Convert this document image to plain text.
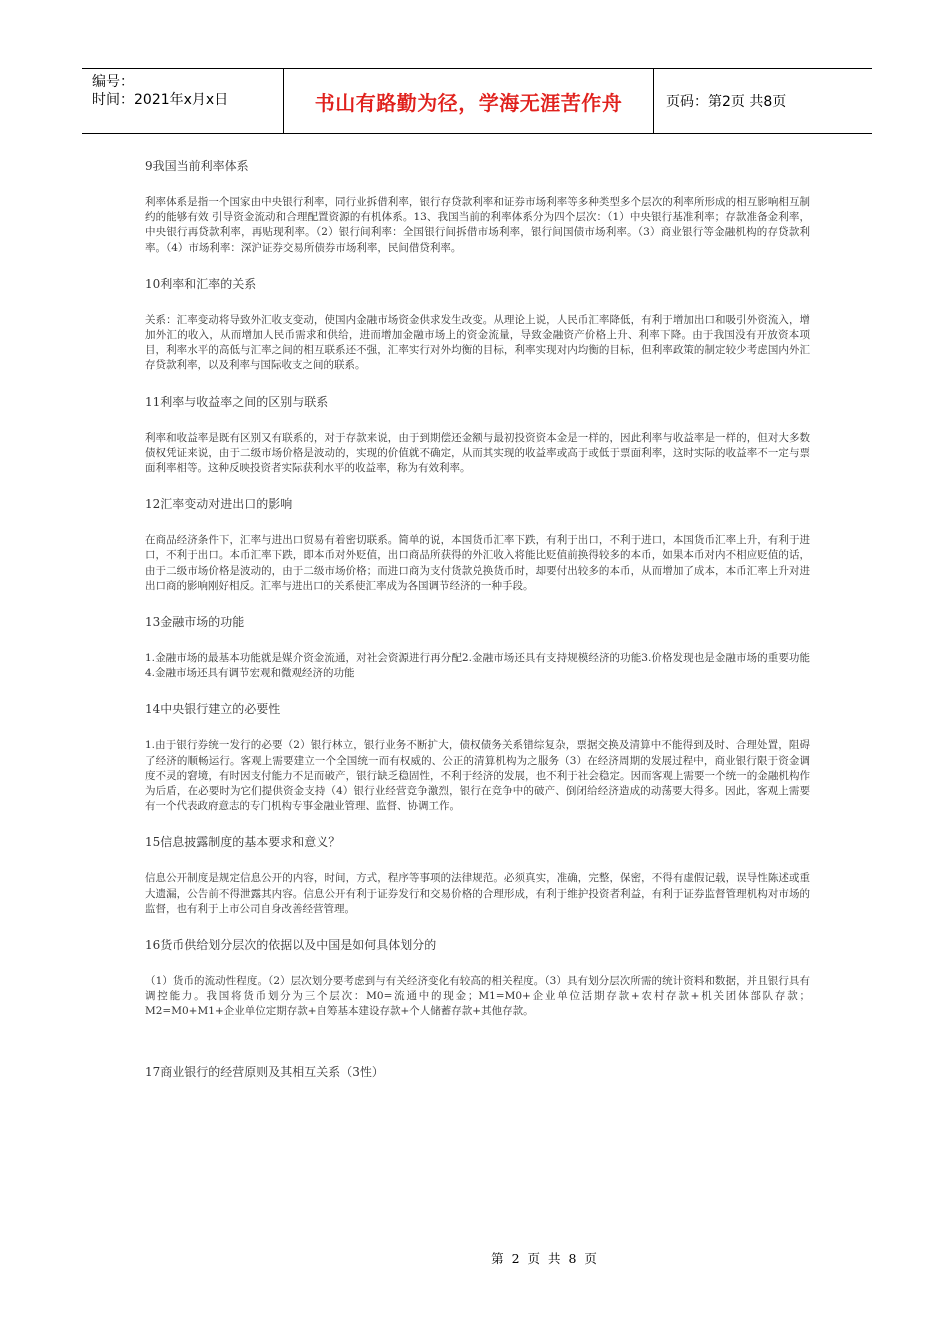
编号：
时间：2021年x月x日	书山有路勤为径，学海无涯苦作舟	页码：第2页 共8页

9我国当前利率体系

利率体系是指一个国家由中央银行利率，同行业拆借利率，银行存贷款利率和证券市场利率等多种类型多个层次的利率所形成的相互影响相互制约的能够有效 引导资金流动和合理配置资源的有机体系。13、我国当前的利率体系分为四个层次：（1）中央银行基准利率；存款准备金利率，中央银行再贷款利率，再贴现利率。（2）银行间利率：全国银行间拆借市场利率，银行间国债市场利率。（3）商业银行等金融机构的存贷款利率。（4）市场利率：深沪证券交易所债券市场利率，民间借贷利率。

10利率和汇率的关系

关系：汇率变动将导致外汇收支变动，使国内金融市场资金供求发生改变。从理论上说，人民币汇率降低，有利于增加出口和吸引外资流入，增加外汇的收入，从而增加人民币需求和供给，进而增加金融市场上的资金流量，导致金融资产价格上升、利率下降。由于我国没有开放资本项目，利率水平的高低与汇率之间的相互联系还不强，汇率实行对外均衡的目标，利率实现对内均衡的目标，但利率政策的制定较少考虑国内外汇存贷款利率，以及利率与国际收支之间的联系。

11利率与收益率之间的区别与联系

利率和收益率是既有区别又有联系的，对于存款来说，由于到期偿还金额与最初投资资本金是一样的，因此利率与收益率是一样的，但对大多数债权凭证来说，由于二级市场价格是波动的，实现的价值就不确定，从而其实现的收益率或高于或低于票面利率，这时实际的收益率不一定与票面利率相等。这种反映投资者实际获利水平的收益率，称为有效利率。

12汇率变动对进出口的影响

在商品经济条件下，汇率与进出口贸易有着密切联系。简单的说，本国货币汇率下跌，有利于出口，不利于进口，本国货币汇率上升，有利于进口，不利于出口。本币汇率下跌，即本币对外贬值，出口商品所获得的外汇收入将能比贬值前换得较多的本币，如果本币对内不相应贬值的话，由于二级市场价格是波动的，由于二级市场价格；而进口商为支付货款兑换货币时，却要付出较多的本币，从而增加了成本，本币汇率上升对进出口商的影响刚好相反。汇率与进出口的关系使汇率成为各国调节经济的一种手段。

13金融市场的功能

1.金融市场的最基本功能就是媒介资金流通，对社会资源进行再分配2.金融市场还具有支持规模经济的功能3.价格发现也是金融市场的重要功能4.金融市场还具有调节宏观和微观经济的功能

14中央银行建立的必要性

1.由于银行券统一发行的必要（2）银行林立，银行业务不断扩大，债权债务关系错综复杂，票据交换及清算中不能得到及时、合理处置，阻碍了经济的顺畅运行。客观上需要建立一个全国统一而有权威的、公正的清算机构为之服务（3）在经济周期的发展过程中，商业银行限于资金调度不灵的窘境，有时因支付能力不足而破产，银行缺乏稳固性，不利于经济的发展，也不利于社会稳定。因而客观上需要一个统一的金融机构作为后盾，在必要时为它们提供资金支持（4）银行业经营竞争激烈，银行在竞争中的破产、倒闭给经济造成的动荡要大得多。因此，客观上需要有一个代表政府意志的专门机构专事金融业管理、监督、协调工作。

15信息披露制度的基本要求和意义？

信息公开制度是规定信息公开的内容，时间，方式，程序等事项的法律规范。必须真实，准确，完整，保密，不得有虚假记载，误导性陈述或重大遗漏，公告前不得泄露其内容。信息公开有利于证券发行和交易价格的合理形成，有利于维护投资者利益，有利于证券监督管理机构对市场的监督，也有利于上市公司自身改善经营管理。

16货币供给划分层次的依据以及中国是如何具体划分的

（1）货币的流动性程度。（2）层次划分要考虑到与有关经济变化有较高的相关程度。（3）具有划分层次所需的统计资料和数据，并且银行具有调控能力。我国将货币划分为三个层次：M0=流通中的现金；M1=M0+企业单位活期存款+农村存款+机关团体部队存款；M2=M0+M1+企业单位定期存款+自筹基本建设存款+个人储蓄存款+其他存款。

17商业银行的经营原则及其相互关系（3性）

第 2 页 共 8 页
